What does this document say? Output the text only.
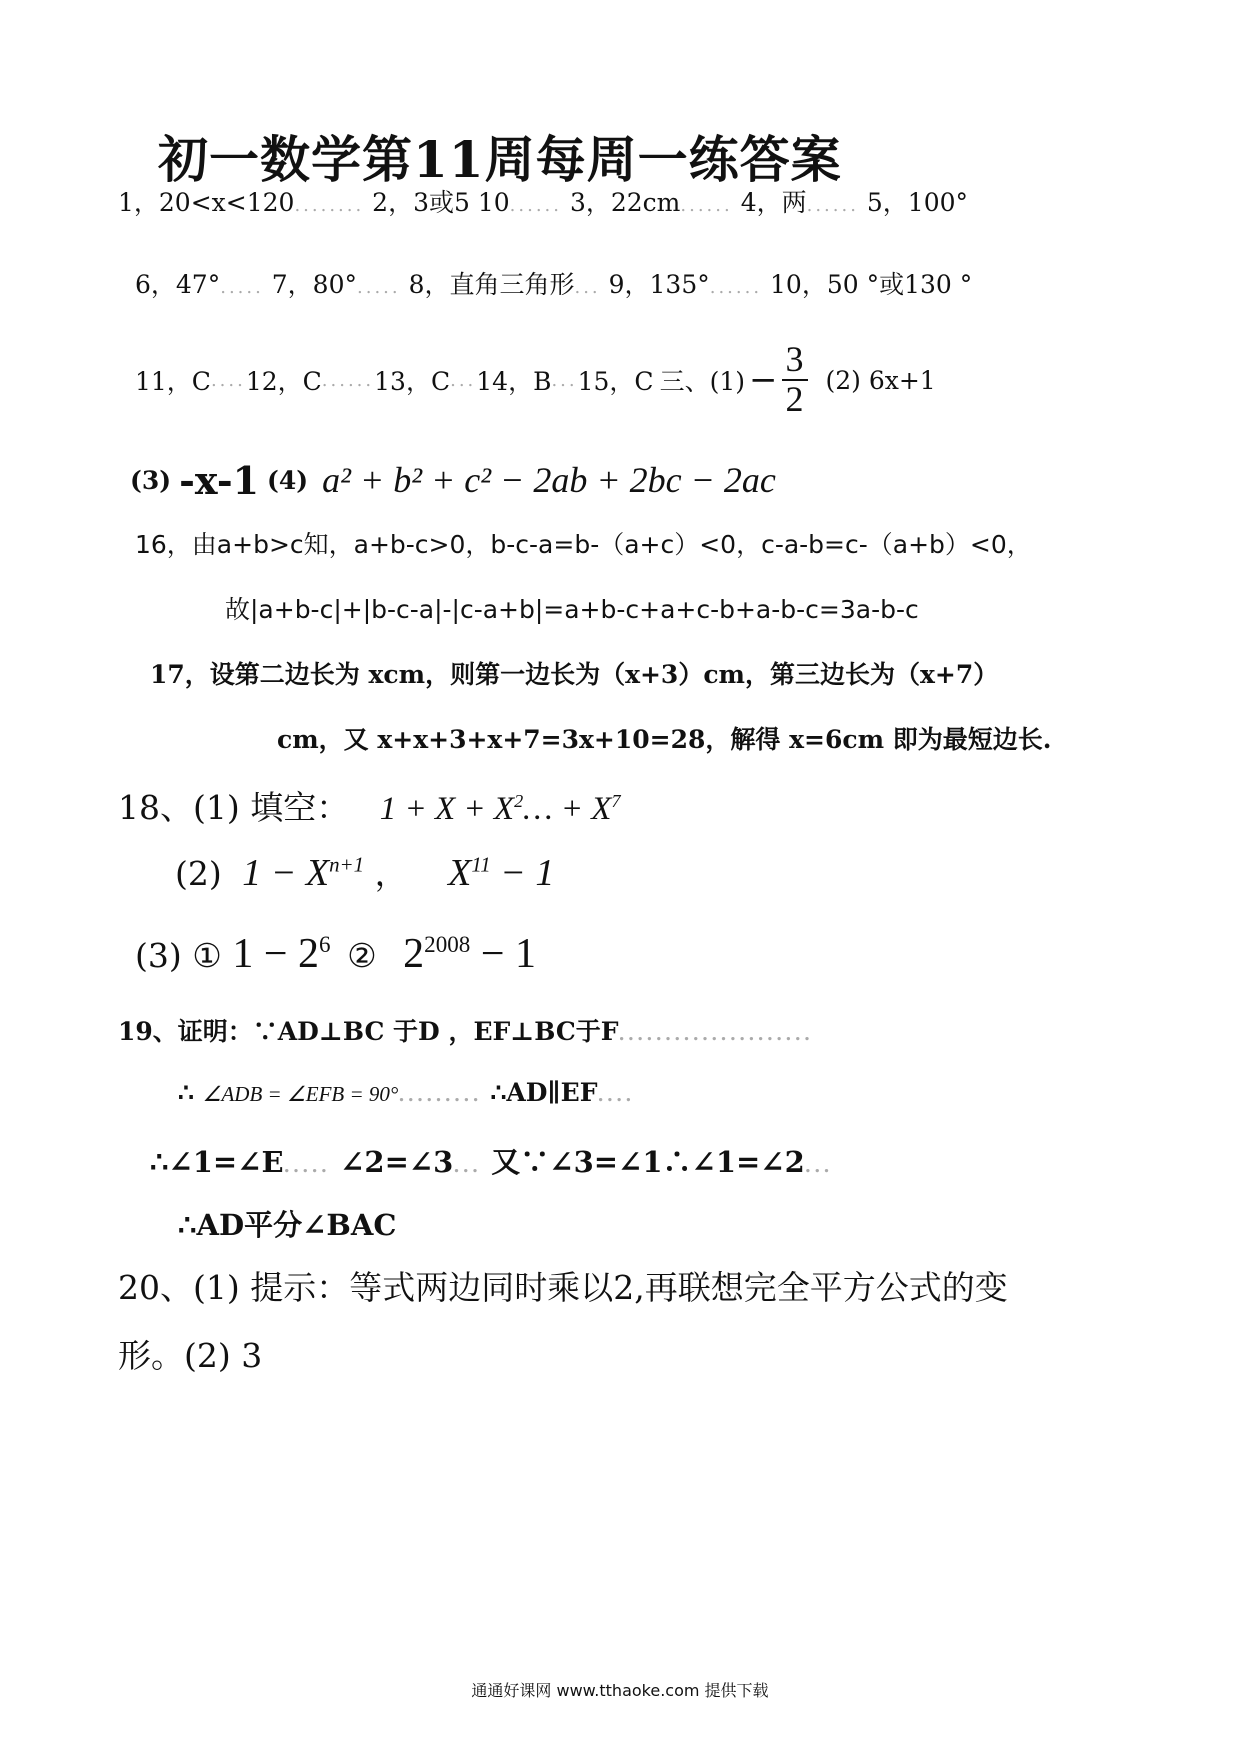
初一数学第11周每周一练答案
1，20<x<120........ 2，3或5 10...... 3，22cm...... 4，两...... 5，100°
6，47°..... 7，80°..... 8，直角三角形... 9，135°...... 10，50 °或130 °
11，C .... 12，C ...... 13，C ... 14，B ... 15，C 三、$(1) - \frac{3}{2} (2)$ 6x+1
(3) -x-1 (4) a² + b² + c² − 2ab + 2bc − 2ac
16，由a+b>c知，a+b-c>0，b-c-a=b-（a+c）<0，c-a-b=c-（a+b）<0，
故|a+b-c|+|b-c-a|-|c-a+b|=a+b-c+a+c-b+a-b-c=3a-b-c
17，设第二边长为 xcm，则第一边长为（x+3）cm，第三边长为（x+7）
cm，又 x+x+3+x+7=3x+10=28，解得 x=6cm 即为最短边长.
18、(1) 填空： $1 + X + X^2\dots + X^7$
(2) $1 - X^{n+1}$ ， $X^{11} - 1$
(3) ① $1 - 2^6$ ② $2^{2008} - 1$
19、证明：∵AD⊥BC 于D ，EF⊥BC于F.....................
∴ ∠ADB = ∠EFB = 90°......... ∴AD∥EF....
∴∠1=∠E..... ∠2=∠3... 又∵∠3=∠1∴∠1=∠2...
∴AD平分∠BAC
20、(1) 提示：等式两边同时乘以2,再联想完全平方公式的变
形。(2) 3
通通好课网 www.tthaoke.com 提供下载
